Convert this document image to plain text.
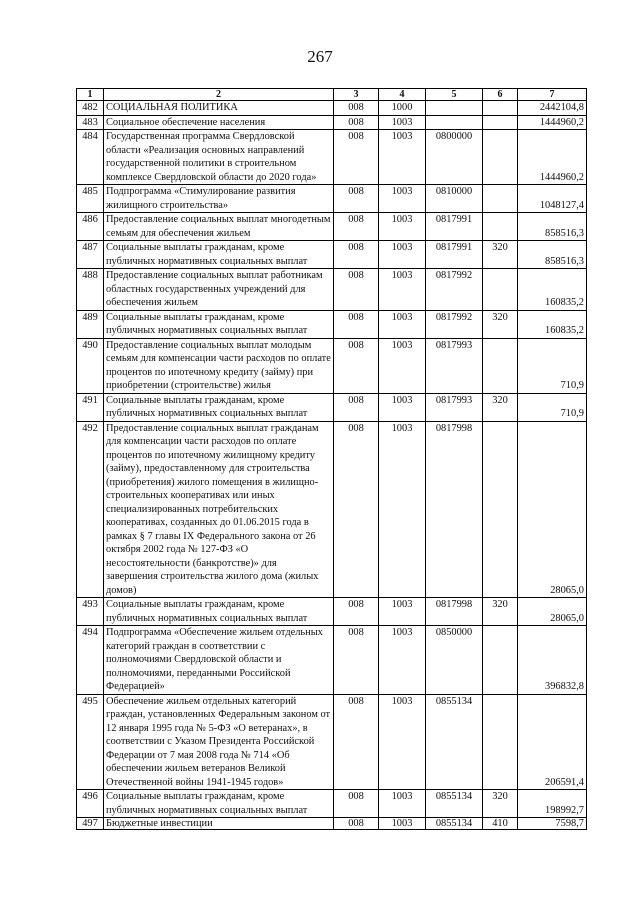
267
1	2	3	4	5	6	7
482	СОЦИАЛЬНАЯ ПОЛИТИКА	008	1000			2442104,8
483	Социальное обеспечение населения	008	1003			1444960,2
484	Государственная программа Свердловской области «Реализация основных направлений государственной политики в строительном комплексе Свердловской области до 2020 года»	008	1003	0800000		1444960,2
485	Подпрограмма «Стимулирование развития жилищного строительства»	008	1003	0810000		1048127,4
486	Предоставление социальных выплат многодетным семьям для обеспечения жильем	008	1003	0817991		858516,3
487	Социальные выплаты гражданам, кроме публичных нормативных социальных выплат	008	1003	0817991	320	858516,3
488	Предоставление социальных выплат работникам областных государственных учреждений для обеспечения жильем	008	1003	0817992		160835,2
489	Социальные выплаты гражданам, кроме публичных нормативных социальных выплат	008	1003	0817992	320	160835,2
490	Предоставление социальных выплат молодым семьям для компенсации части расходов по оплате процентов по ипотечному кредиту (займу) при приобретении (строительстве) жилья	008	1003	0817993		710,9
491	Социальные выплаты гражданам, кроме публичных нормативных социальных выплат	008	1003	0817993	320	710,9
492	Предоставление социальных выплат гражданам для компенсации части расходов по оплате процентов по ипотечному жилищному кредиту (займу), предоставленному для строительства (приобретения) жилого помещения в жилищно-строительных кооперативах или иных специализированных потребительских кооперативах, созданных до 01.06.2015 года в рамках § 7 главы IX Федерального закона от 26 октября 2002 года № 127-ФЗ «О несостоятельности (банкротстве)» для завершения строительства жилого дома (жилых домов)	008	1003	0817998		28065,0
493	Социальные выплаты гражданам, кроме публичных нормативных социальных выплат	008	1003	0817998	320	28065,0
494	Подпрограмма «Обеспечение жильем отдельных категорий граждан в соответствии с полномочиями Свердловской области и полномочиями, переданными Российской Федерацией»	008	1003	0850000		396832,8
495	Обеспечение жильем отдельных категорий граждан, установленных Федеральным законом от 12 января 1995 года № 5-ФЗ «О ветеранах», в соответствии с Указом Президента Российской Федерации от 7 мая 2008 года № 714 «Об обеспечении жильем ветеранов Великой Отечественной войны 1941-1945 годов»	008	1003	0855134		206591,4
496	Социальные выплаты гражданам, кроме публичных нормативных социальных выплат	008	1003	0855134	320	198992,7
497	Бюджетные инвестиции	008	1003	0855134	410	7598,7
